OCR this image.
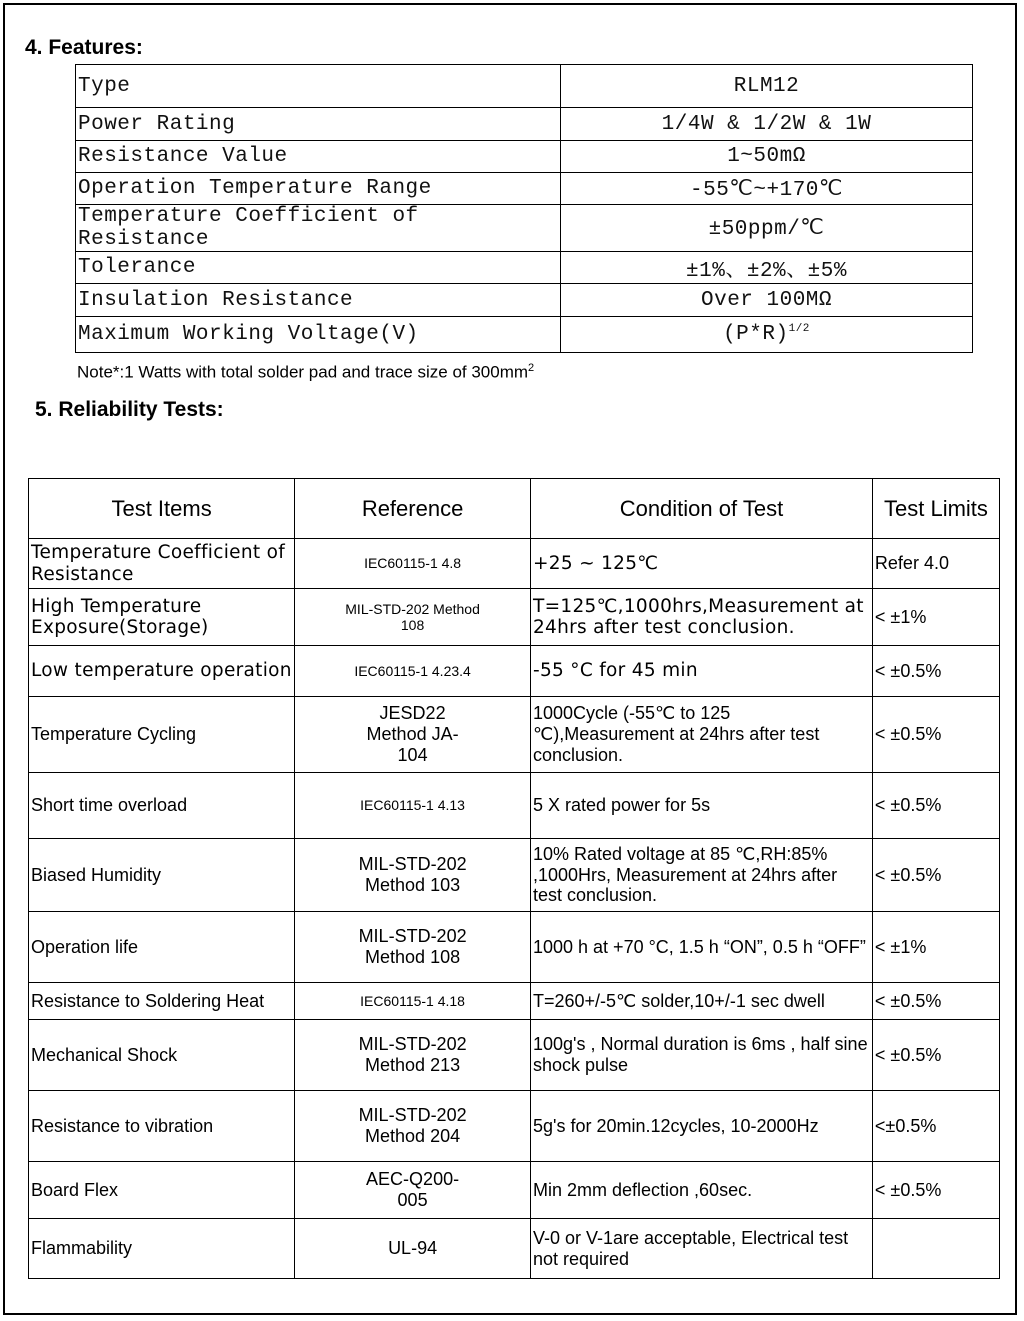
4. Features:
Type	RLM12
Power Rating	1/4W & 1/2W & 1W
Resistance Value	1~50mΩ
Operation Temperature Range	-55℃~+170℃
Temperature Coefficient of Resistance	±50ppm/℃
Tolerance	±1%、±2%、±5%
Insulation Resistance	Over 100MΩ
Maximum Working Voltage(V)	$(P*R)^{1/2}$
Note*:1 Watts with total solder pad and trace size of $300mm^2$
5. Reliability Tests:
Test Items	Reference	Condition of Test	Test Limits
Temperature Coefficient of Resistance	IEC60115-1 4.8	+25 ~ 125℃	Refer 4.0
High Temperature Exposure(Storage)	MIL-STD-202 Method 108	T=125℃,1000hrs,Measurement at 24hrs after test conclusion.	< ±1%
Low temperature operation	IEC60115-1 4.23.4	-55 °C for 45 min	< ±0.5%
Temperature Cycling	JESD22 Method JA-104	1000Cycle (-55℃ to 125 ℃),Measurement at 24hrs after test conclusion.	< ±0.5%
Short time overload	IEC60115-1 4.13	5 X rated power for 5s	< ±0.5%
Biased Humidity	MIL-STD-202 Method 103	10% Rated voltage at 85 ℃,RH:85% ,1000Hrs, Measurement at 24hrs after test conclusion.	< ±0.5%
Operation life	MIL-STD-202 Method 108	1000 h at +70 °C, 1.5 h “ON”, 0.5 h “OFF”	< ±1%
Resistance to Soldering Heat	IEC60115-1 4.18	T=260+/-5℃ solder,10+/-1 sec dwell	< ±0.5%
Mechanical Shock	MIL-STD-202 Method 213	100g's , Normal duration is 6ms , half sine shock pulse	< ±0.5%
Resistance to vibration	MIL-STD-202 Method 204	5g's for 20min.12cycles, 10-2000Hz	<±0.5%
Board Flex	AEC-Q200-005	Min 2mm deflection ,60sec.	< ±0.5%
Flammability	UL-94	V-0 or V-1are acceptable, Electrical test not required	
